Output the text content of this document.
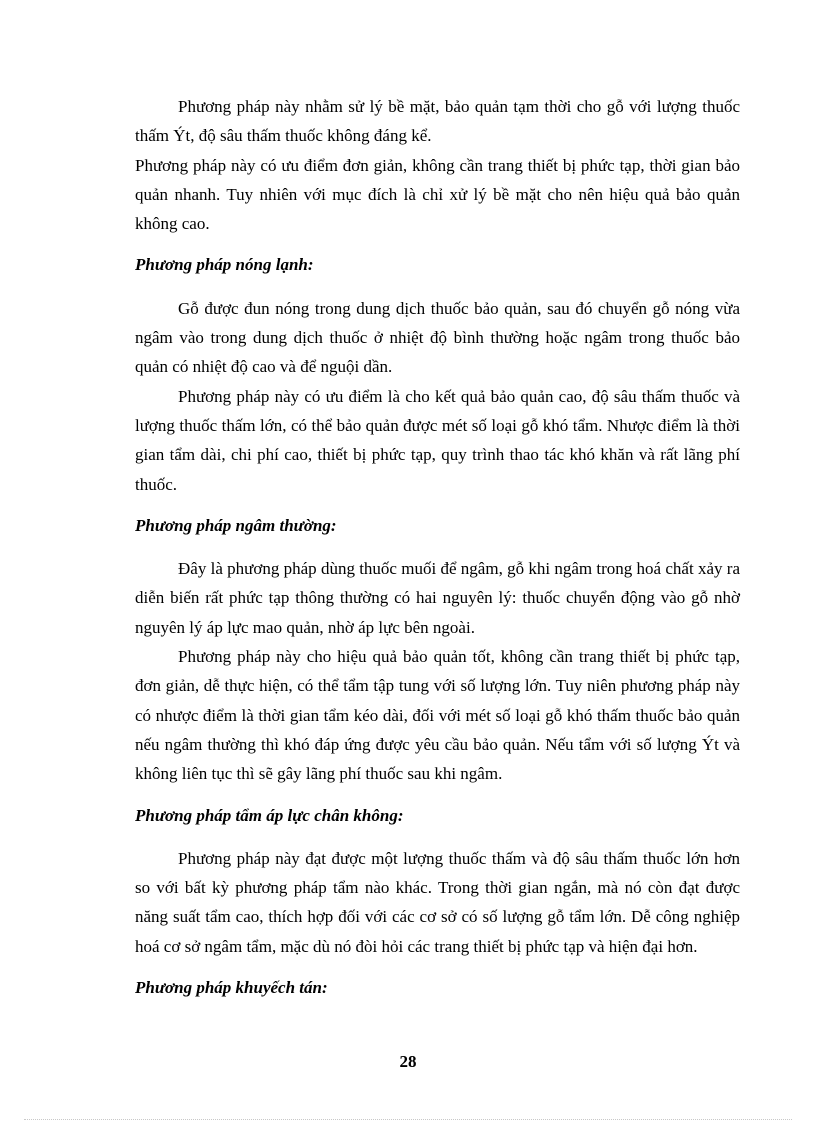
Phương pháp này nhằm sử lý bề mặt, bảo quản tạm thời cho gỗ với lượng thuốc thấm Ýt, độ sâu thấm thuốc không đáng kể.

Phương pháp này có ưu điểm đơn giản, không cần trang thiết bị phức tạp, thời gian bảo quản nhanh. Tuy nhiên với mục đích là chỉ xử lý bề mặt cho nên hiệu quả bảo quản không cao.

Phương pháp nóng lạnh:

Gỗ được đun nóng trong dung dịch thuốc bảo quản, sau đó chuyển gỗ nóng vừa ngâm vào trong dung dịch thuốc ở nhiệt độ bình thường hoặc ngâm trong thuốc bảo quản có nhiệt độ cao và để nguội dần.

Phương pháp này có ưu điểm là cho kết quả bảo quản cao, độ sâu thấm thuốc và lượng thuốc thấm lớn, có thể bảo quản được mét số loại gỗ khó tẩm. Nhược điểm là thời gian tẩm dài, chi phí cao, thiết bị phức tạp, quy trình thao tác khó khăn và rất lãng phí thuốc.

Phương pháp ngâm thường:

Đây là phương pháp dùng thuốc muối để ngâm, gỗ khi ngâm trong hoá chất xảy ra diễn biến rất phức tạp thông thường có hai nguyên lý: thuốc chuyển động vào gỗ nhờ nguyên lý áp lực mao quản, nhờ áp lực bên ngoài.

Phương pháp này cho hiệu quả bảo quản tốt, không cần trang thiết bị phức tạp, đơn giản, dễ thực hiện, có thể tẩm tập tung với số lượng lớn. Tuy niên phương pháp này có nhược điểm là thời gian tẩm kéo dài, đối với mét số loại gỗ khó thấm thuốc bảo quản nếu ngâm thường thì khó đáp ứng được yêu cầu bảo quản. Nếu tẩm với số lượng Ýt và không liên tục thì sẽ gây lãng phí thuốc sau khi ngâm.

Phương pháp tẩm áp lực chân không:

Phương pháp này đạt được một lượng thuốc thấm và độ sâu thấm thuốc lớn hơn so với bất kỳ phương pháp tẩm nào khác. Trong thời gian ngắn, mà nó còn đạt được năng suất tẩm cao, thích hợp đối với các cơ sở có số lượng gỗ tẩm lớn. Dễ công nghiệp hoá cơ sở ngâm tẩm, mặc dù nó đòi hỏi các trang thiết bị phức tạp và hiện đại hơn.

Phương pháp khuyếch tán:
28
